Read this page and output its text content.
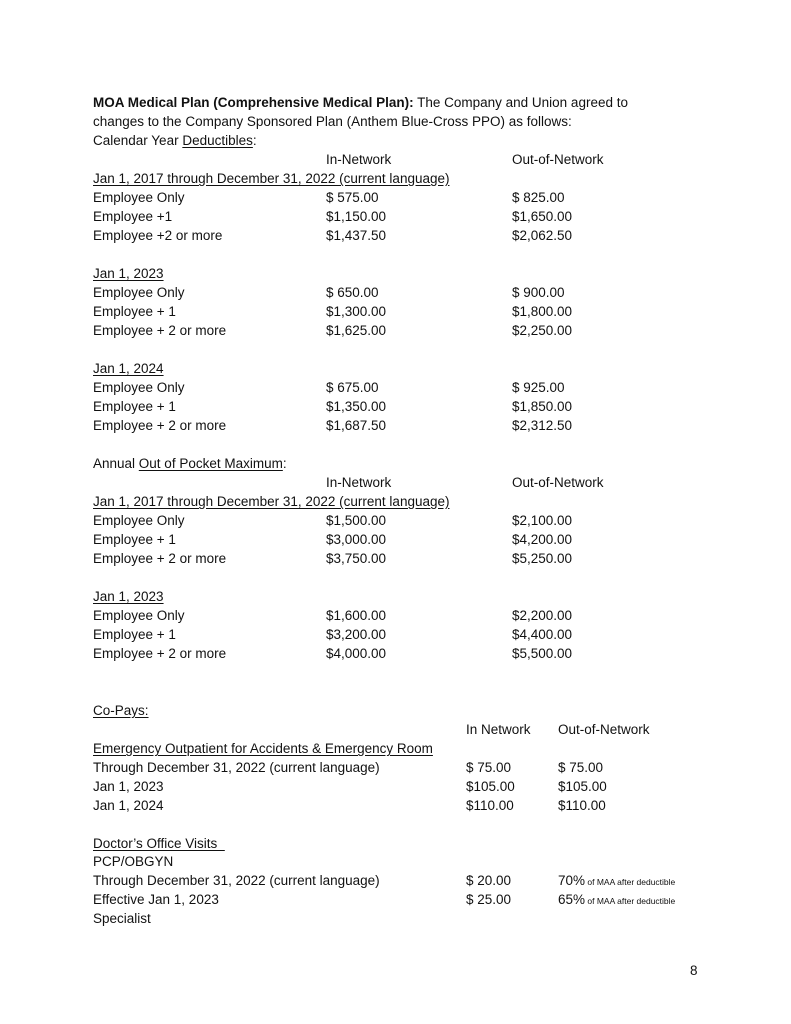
MOA Medical Plan (Comprehensive Medical Plan): The Company and Union agreed to
changes to the Company Sponsored Plan (Anthem Blue-Cross PPO) as follows:
Calendar Year Deductibles:
In-Network	Out-of-Network
Jan 1, 2017 through December 31, 2022 (current language)
Employee Only	$ 575.00	$ 825.00
Employee +1	$1,150.00	$1,650.00
Employee +2 or more	$1,437.50	$2,062.50
Jan 1, 2023
Employee Only	$ 650.00	$ 900.00
Employee + 1	$1,300.00	$1,800.00
Employee + 2 or more	$1,625.00	$2,250.00
Jan 1, 2024
Employee Only	$ 675.00	$ 925.00
Employee + 1	$1,350.00	$1,850.00
Employee + 2 or more	$1,687.50	$2,312.50
Annual Out of Pocket Maximum:
In-Network	Out-of-Network
Jan 1, 2017 through December 31, 2022 (current language)
Employee Only	$1,500.00	$2,100.00
Employee + 1	$3,000.00	$4,200.00
Employee + 2 or more	$3,750.00	$5,250.00
Jan 1, 2023
Employee Only	$1,600.00	$2,200.00
Employee + 1	$3,200.00	$4,400.00
Employee + 2 or more	$4,000.00	$5,500.00
Co-Pays:
In Network Out-of-Network
Emergency Outpatient for Accidents & Emergency Room
Through December 31, 2022 (current language)	$ 75.00	$ 75.00
Jan 1, 2023	$105.00	$105.00
Jan 1, 2024	$110.00	$110.00
Doctor’s Office Visits
PCP/OBGYN
Through December 31, 2022 (current language)	$ 20.00	70% of MAA after deductible
Effective Jan 1, 2023	$ 25.00	65% of MAA after deductible
Specialist
8
